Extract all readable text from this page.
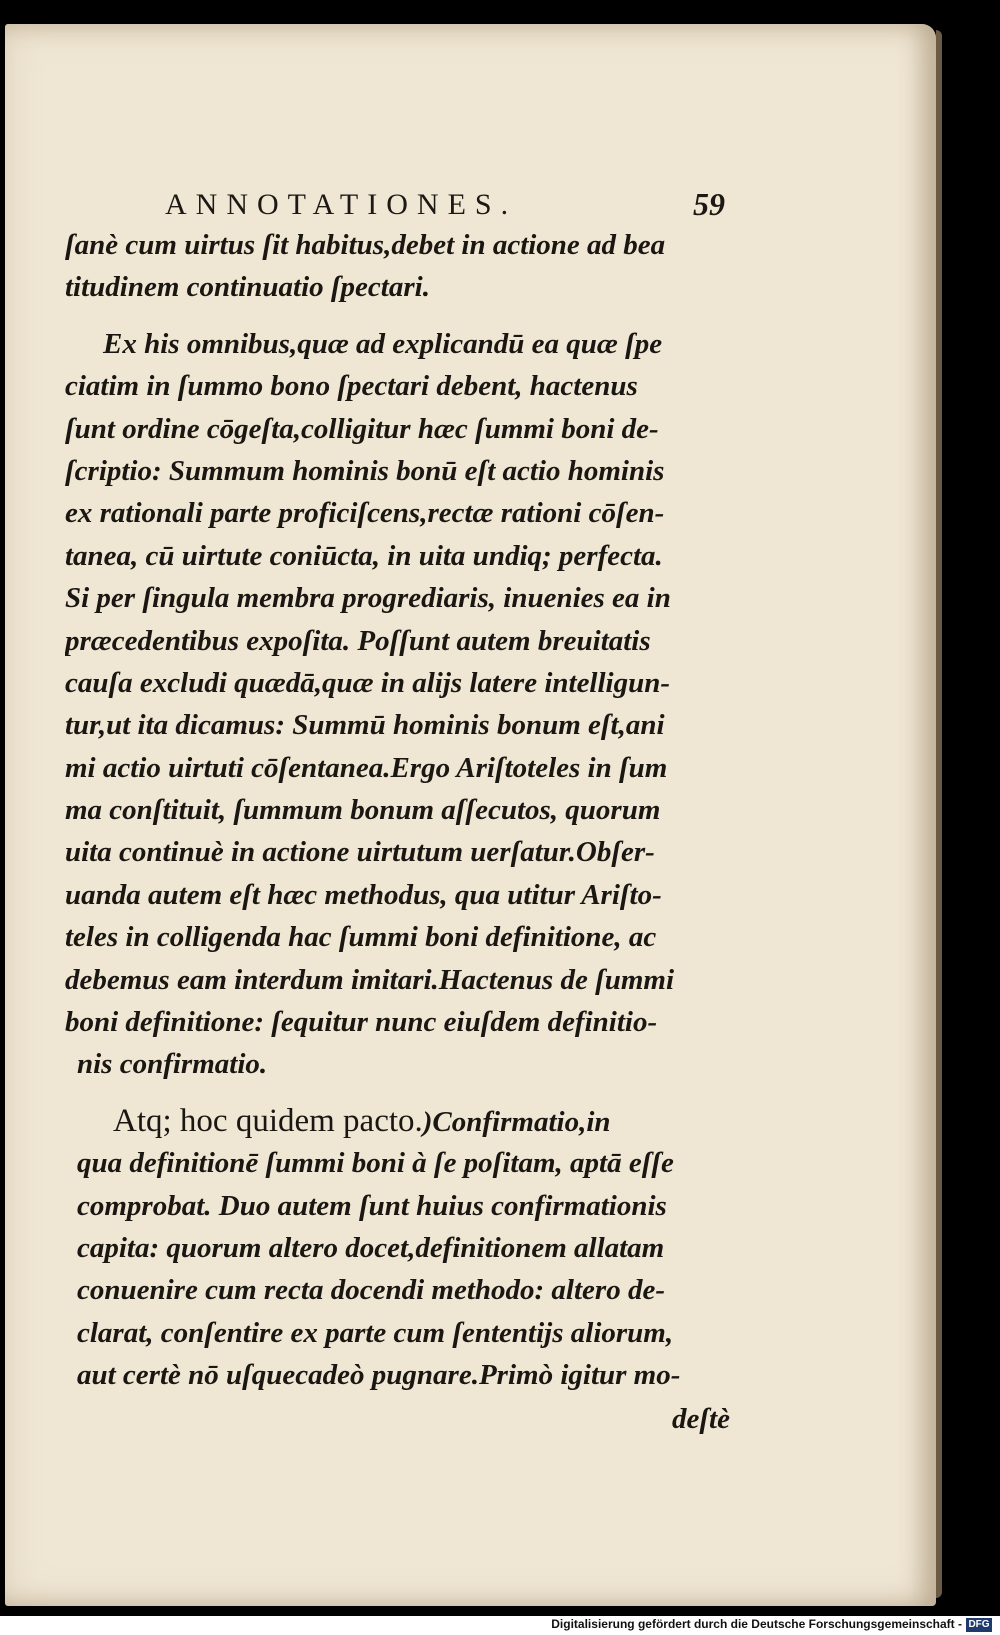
ANNOTATIONES.	59
ſanè cum uirtus ſit habitus,debet in actione ad bea
titudinem continuatio ſpectari.
Ex his omnibus,quæ ad explicandū ea quæ ſpe
ciatim in ſummo bono ſpectari debent, hactenus
ſunt ordine cōgeſta,colligitur hæc ſummi boni de-
ſcriptio: Summum hominis bonū eſt actio hominis
ex rationali parte proficiſcens,rectæ rationi cōſen-
tanea, cū uirtute coniūcta, in uita undiq; perfecta.
Si per ſingula membra progrediaris, inuenies ea in
præcedentibus expoſita. Poſſunt autem breuitatis
cauſa excludi quædā,quæ in alijs latere intelligun-
tur,ut ita dicamus: Summū hominis bonum eſt,ani
mi actio uirtuti cōſentanea.Ergo Ariſtoteles in ſum
ma conſtituit, ſummum bonum aſſecutos, quorum
uita continuè in actione uirtutum uerſatur.Obſer-
uanda autem eſt hæc methodus, qua utitur Ariſto-
teles in colligenda hac ſummi boni definitione, ac
debemus eam interdum imitari.Hactenus de ſummi
boni definitione: ſequitur nunc eiuſdem definitio-
nis confirmatio.
Atq; hoc quidem pacto.)Confirmatio,in
qua definitionē ſummi boni à ſe poſitam, aptā eſſe
comprobat. Duo autem ſunt huius confirmationis
capita: quorum altero docet,definitionem allatam
conuenire cum recta docendi methodo: altero de-
clarat, conſentire ex parte cum ſententijs aliorum,
aut certè nō uſquecadeò pugnare.Primò igitur mo-
deſtè
Digitalisierung gefördert durch die Deutsche Forschungsgemeinschaft - DFG
